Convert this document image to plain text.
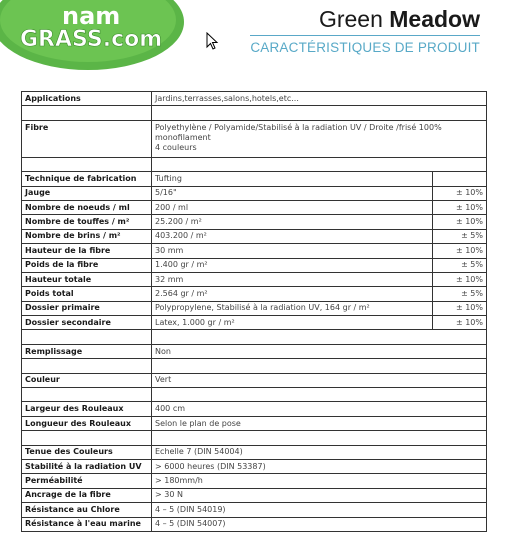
nam
GRASS.com
Green Meadow
CARACTÉRISTIQUES DE PRODUIT
Applications	Jardins,terrasses,salons,hotels,etc...	

Fibre	Polyethylène / Polyamide/Stabilisé à la radiation UV / Droite /frisé 100%
monofilament
4 couleurs	

Technique de fabrication	Tufting	
Jauge	5/16"	± 10%
Nombre de noeuds / ml	200 / ml	± 10%
Nombre de touffes / m²	25.200 / m²	± 10%
Nombre de brins / m²	403.200 / m²	± 5%
Hauteur de la fibre	30 mm	± 10%
Poids de la fibre	1.400 gr / m²	± 5%
Hauteur totale	32 mm	± 10%
Poids total	2.564 gr / m²	± 5%
Dossier primaire	Polypropylene, Stabilisé à la radiation UV, 164 gr / m²	± 10%
Dossier secondaire	Latex, 1.000 gr / m²	± 10%

Remplissage	Non	

Couleur	Vert	

Largeur des Rouleaux	400 cm	
Longueur des Rouleaux	Selon le plan de pose	

Tenue des Couleurs	Echelle 7 (DIN 54004)	
Stabilité à la radiation UV	> 6000 heures (DIN 53387)	
Perméabilité	> 180mm/h	
Ancrage de la fibre	> 30 N	
Résistance au Chlore	4 – 5 (DIN 54019)	
Résistance à l'eau marine	4 – 5 (DIN 54007)	
